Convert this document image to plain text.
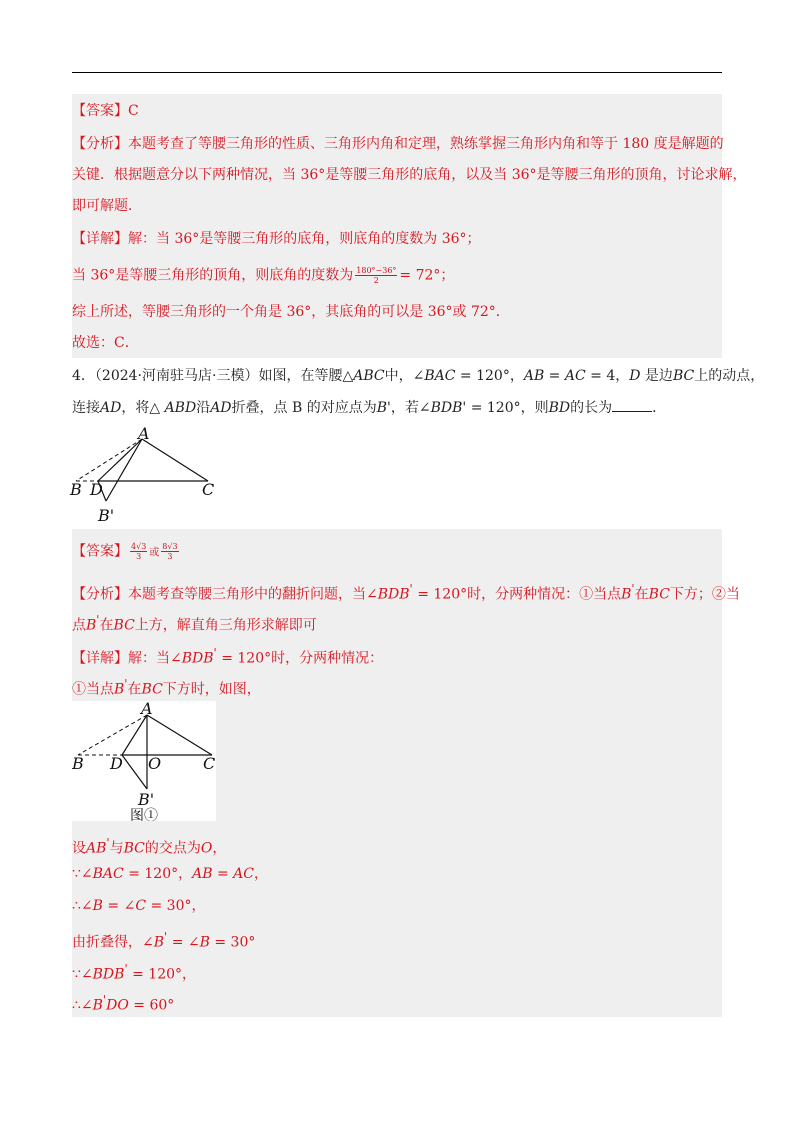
【答案】C
【分析】本题考查了等腰三角形的性质、三角形内角和定理，熟练掌握三角形内角和等于 180 度是解题的
关键．根据题意分以下两种情况，当 36°是等腰三角形的底角，以及当 36°是等腰三角形的顶角，讨论求解，
即可解题．
【详解】解：当 36°是等腰三角形的底角，则底角的度数为 36°；
当 36°是等腰三角形的顶角，则底角的度数为 $\frac{180^\circ-36^\circ}{2} = 72^\circ$；
综上所述，等腰三角形的一个角是 36°，其底角的可以是 36°或 72°．
故选：C．
4．（2024·河南驻马店·三模）如图，在等腰△ABC中，∠BAC = 120°，AB = AC = 4，D 是边BC上的动点，
连接AD，将△ ABD沿AD折叠，点 B 的对应点为B'，若∠BDB' = 120°，则BD的长为	．
A
B D	C
B'
【答案】 $\frac{4√3}{3}$ 或 $\frac{8√3}{3}$
【分析】本题考查等腰三角形中的翻折问题，当∠BDB' = 120°时，分两种情况：①当点B'在BC下方；②当
点B'在BC上方，解直角三角形求解即可
【详解】解：当∠BDB' = 120°时，分两种情况：
①当点B'在BC下方时，如图，
A
B D O	C
B'
图①
设AB'与BC的交点为O，
∵∠BAC = 120°，AB = AC，
∴∠B = ∠C = 30°，
由折叠得，∠B' = ∠B = 30°
∵∠BDB' = 120°，
∴∠B'DO = 60°
